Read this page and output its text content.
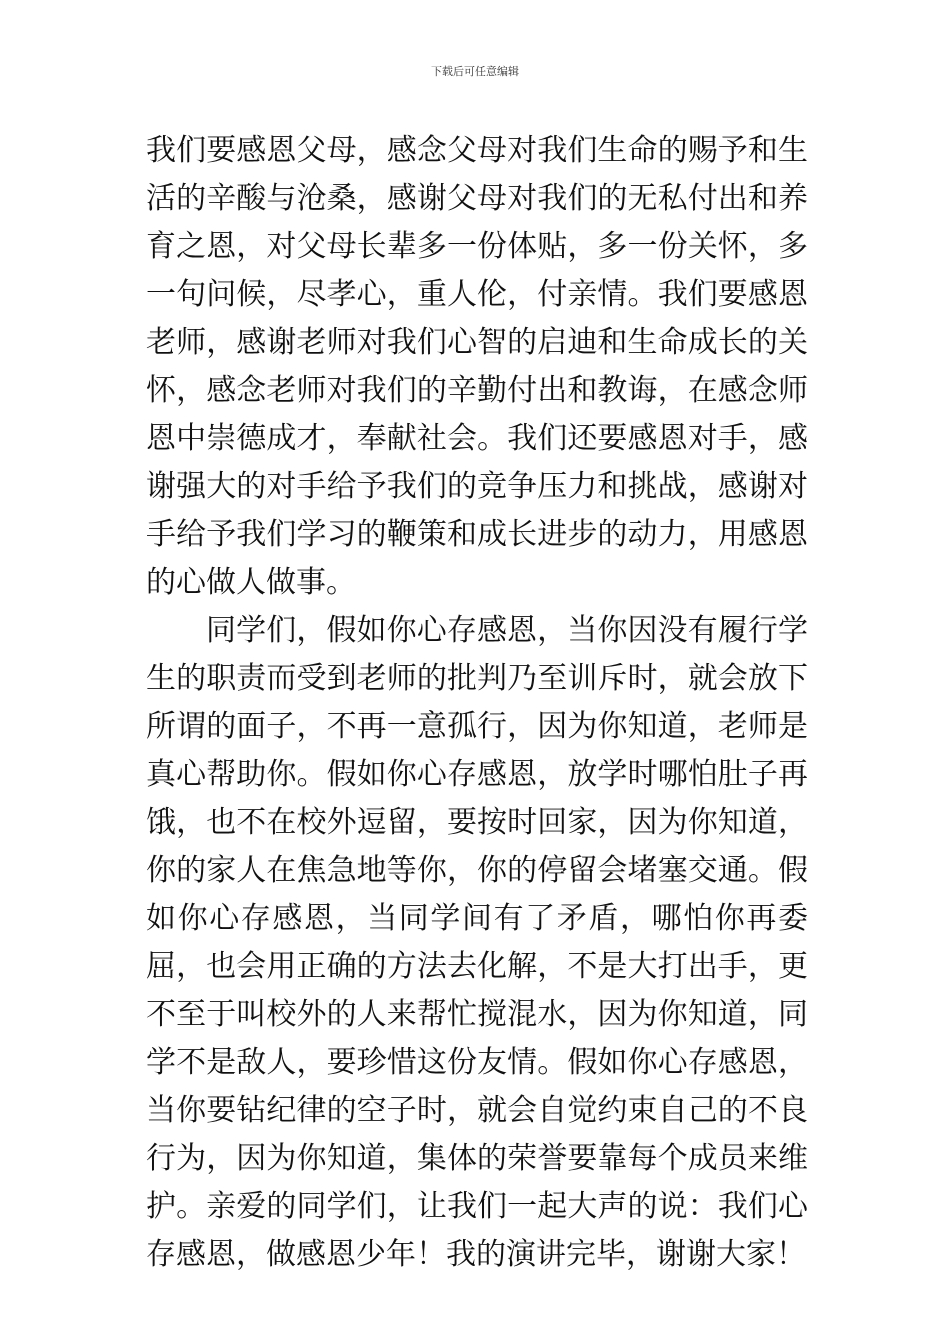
下载后可任意编辑

我们要感恩父母，感念父母对我们生命的赐予和生活的辛酸与沧桑，感谢父母对我们的无私付出和养育之恩，对父母长辈多一份体贴，多一份关怀，多一句问候，尽孝心，重人伦，付亲情。我们要感恩老师，感谢老师对我们心智的启迪和生命成长的关怀，感念老师对我们的辛勤付出和教诲，在感念师恩中崇德成才，奉献社会。我们还要感恩对手，感谢强大的对手给予我们的竞争压力和挑战，感谢对手给予我们学习的鞭策和成长进步的动力，用感恩的心做人做事。

同学们，假如你心存感恩，当你因没有履行学生的职责而受到老师的批判乃至训斥时，就会放下所谓的面子，不再一意孤行，因为你知道，老师是真心帮助你。假如你心存感恩，放学时哪怕肚子再饿，也不在校外逗留，要按时回家，因为你知道，你的家人在焦急地等你，你的停留会堵塞交通。假如你心存感恩，当同学间有了矛盾，哪怕你再委屈，也会用正确的方法去化解，不是大打出手，更不至于叫校外的人来帮忙搅混水，因为你知道，同学不是敌人，要珍惜这份友情。假如你心存感恩，当你要钻纪律的空子时，就会自觉约束自己的不良行为，因为你知道，集体的荣誉要靠每个成员来维护。亲爱的同学们，让我们一起大声的说：我们心存感恩，做感恩少年！我的演讲完毕，谢谢大家！
